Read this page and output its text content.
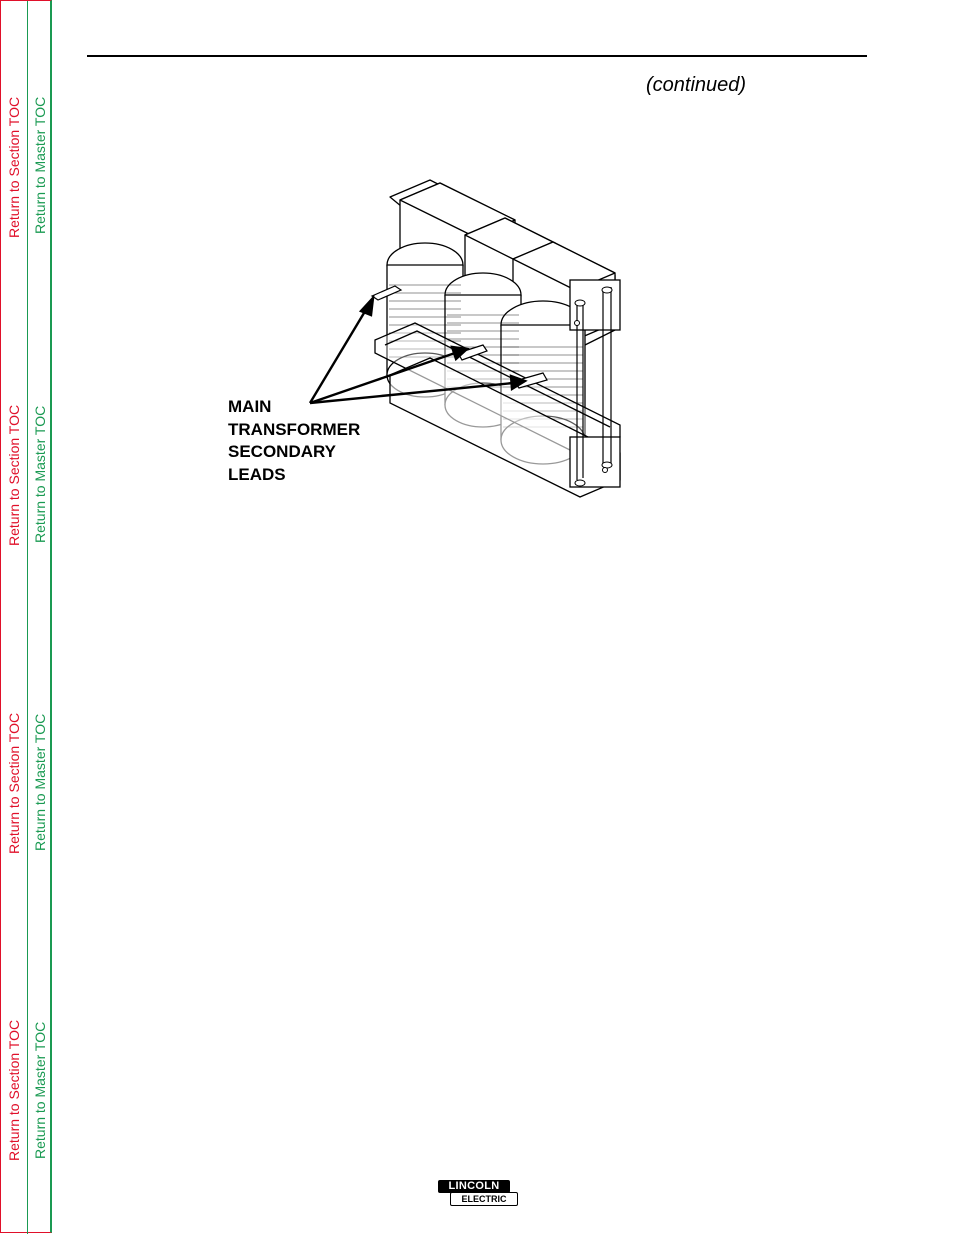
Return to Section TOC Return to Master TOC
Return to Section TOC Return to Master TOC
Return to Section TOC Return to Master TOC
Return to Section TOC Return to Master TOC
(continued)
MAIN
TRANSFORMER
SECONDARY
LEADS
LINCOLN
ELECTRIC
